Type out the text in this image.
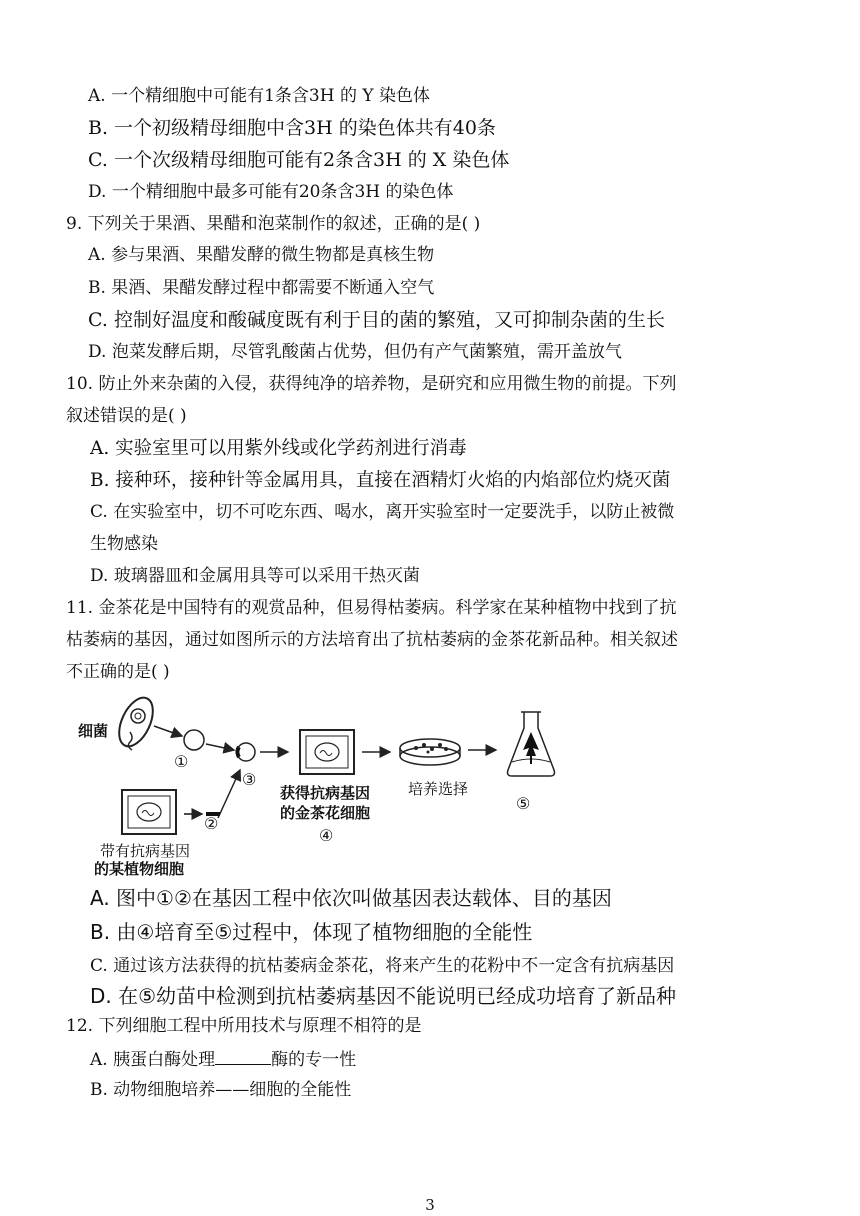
A. 一个精细胞中可能有1条含3H 的 Y 染色体
B. 一个初级精母细胞中含3H 的染色体共有40条
C. 一个次级精母细胞可能有2条含3H 的 X 染色体
D. 一个精细胞中最多可能有20条含3H 的染色体
9. 下列关于果酒、果醋和泡菜制作的叙述，正确的是( )
A. 参与果酒、果醋发酵的微生物都是真核生物
B. 果酒、果醋发酵过程中都需要不断通入空气
C. 控制好温度和酸碱度既有利于目的菌的繁殖，又可抑制杂菌的生长
D. 泡菜发酵后期，尽管乳酸菌占优势，但仍有产气菌繁殖，需开盖放气
10. 防止外来杂菌的入侵，获得纯净的培养物，是研究和应用微生物的前提。下列
叙述错误的是( )
A. 实验室里可以用紫外线或化学药剂进行消毒
B. 接种环，接种针等金属用具，直接在酒精灯火焰的内焰部位灼烧灭菌
C. 在实验室中，切不可吃东西、喝水，离开实验室时一定要洗手，以防止被微
生物感染
D. 玻璃器皿和金属用具等可以采用干热灭菌
11. 金茶花是中国特有的观赏品种，但易得枯萎病。科学家在某种植物中找到了抗
枯萎病的基因，通过如图所示的方法培育出了抗枯萎病的金茶花新品种。相关叙述
不正确的是( )
细菌
①
③
②
获得抗病基因
的金茶花细胞
④
培养选择
⑤
带有抗病基因
的某植物细胞
A. 图中①②在基因工程中依次叫做基因表达载体、目的基因
B. 由④培育至⑤过程中，体现了植物细胞的全能性
C. 通过该方法获得的抗枯萎病金茶花，将来产生的花粉中不一定含有抗病基因
D. 在⑤幼苗中检测到抗枯萎病基因不能说明已经成功培育了新品种
12. 下列细胞工程中所用技术与原理不相符的是
A. 胰蛋白酶处理	酶的专一性
B. 动物细胞培养——细胞的全能性
3
